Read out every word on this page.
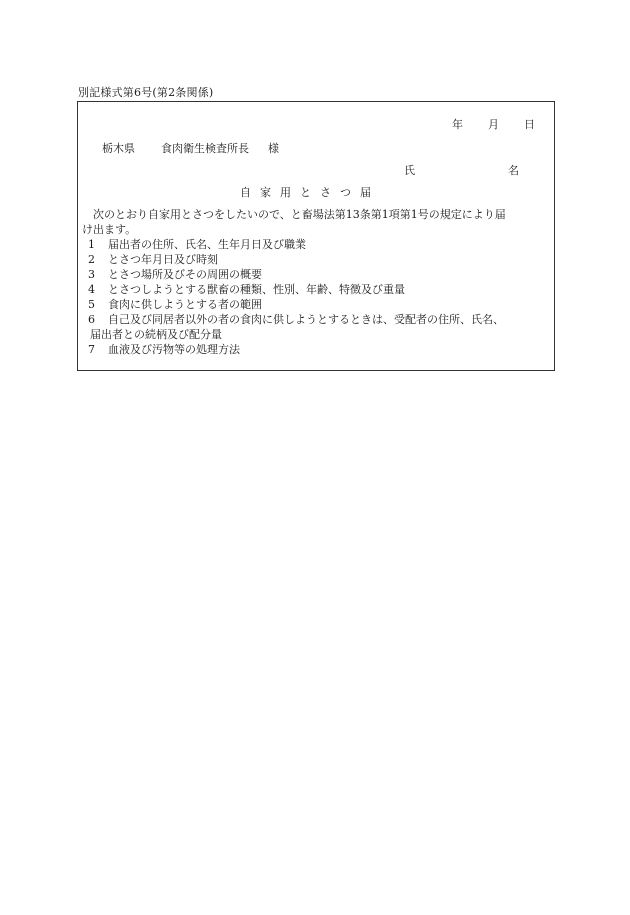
別記様式第6号(第2条関係)
年 月 日
栃木県 食肉衛生検査所長 様
氏	名
自家用とさつ届

次のとおり自家用とさつをしたいので、と畜場法第13条第1項第1号の規定により届

け出ます。

1	届出者の住所、氏名、生年月日及び職業

2	とさつ年月日及び時刻

3	とさつ場所及びその周囲の概要

4	とさつしようとする獣畜の種類、性別、年齢、特徴及び重量

5	食肉に供しようとする者の範囲

6	自己及び同居者以外の者の食肉に供しようとするときは、受配者の住所、氏名、

届出者との続柄及び配分量

7	血液及び汚物等の処理方法
